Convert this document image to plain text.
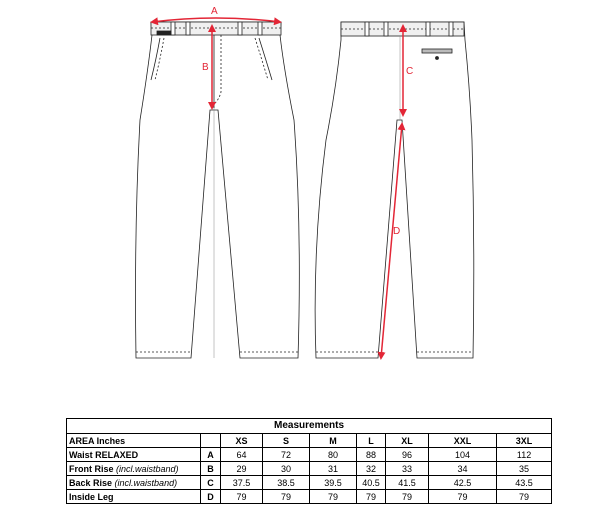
A
B	C
D
Measurements								
AREA Inches		XS	S	M	L	XL	XXL	3XL
Waist RELAXED	A	64	72	80	88	96	104	112
Front Rise (incl.waistband)	B	29	30	31	32	33	34	35
Back Rise (incl.waistband)	C	37.5	38.5	39.5	40.5	41.5	42.5	43.5
Inside Leg	D	79	79	79	79	79	79	79
